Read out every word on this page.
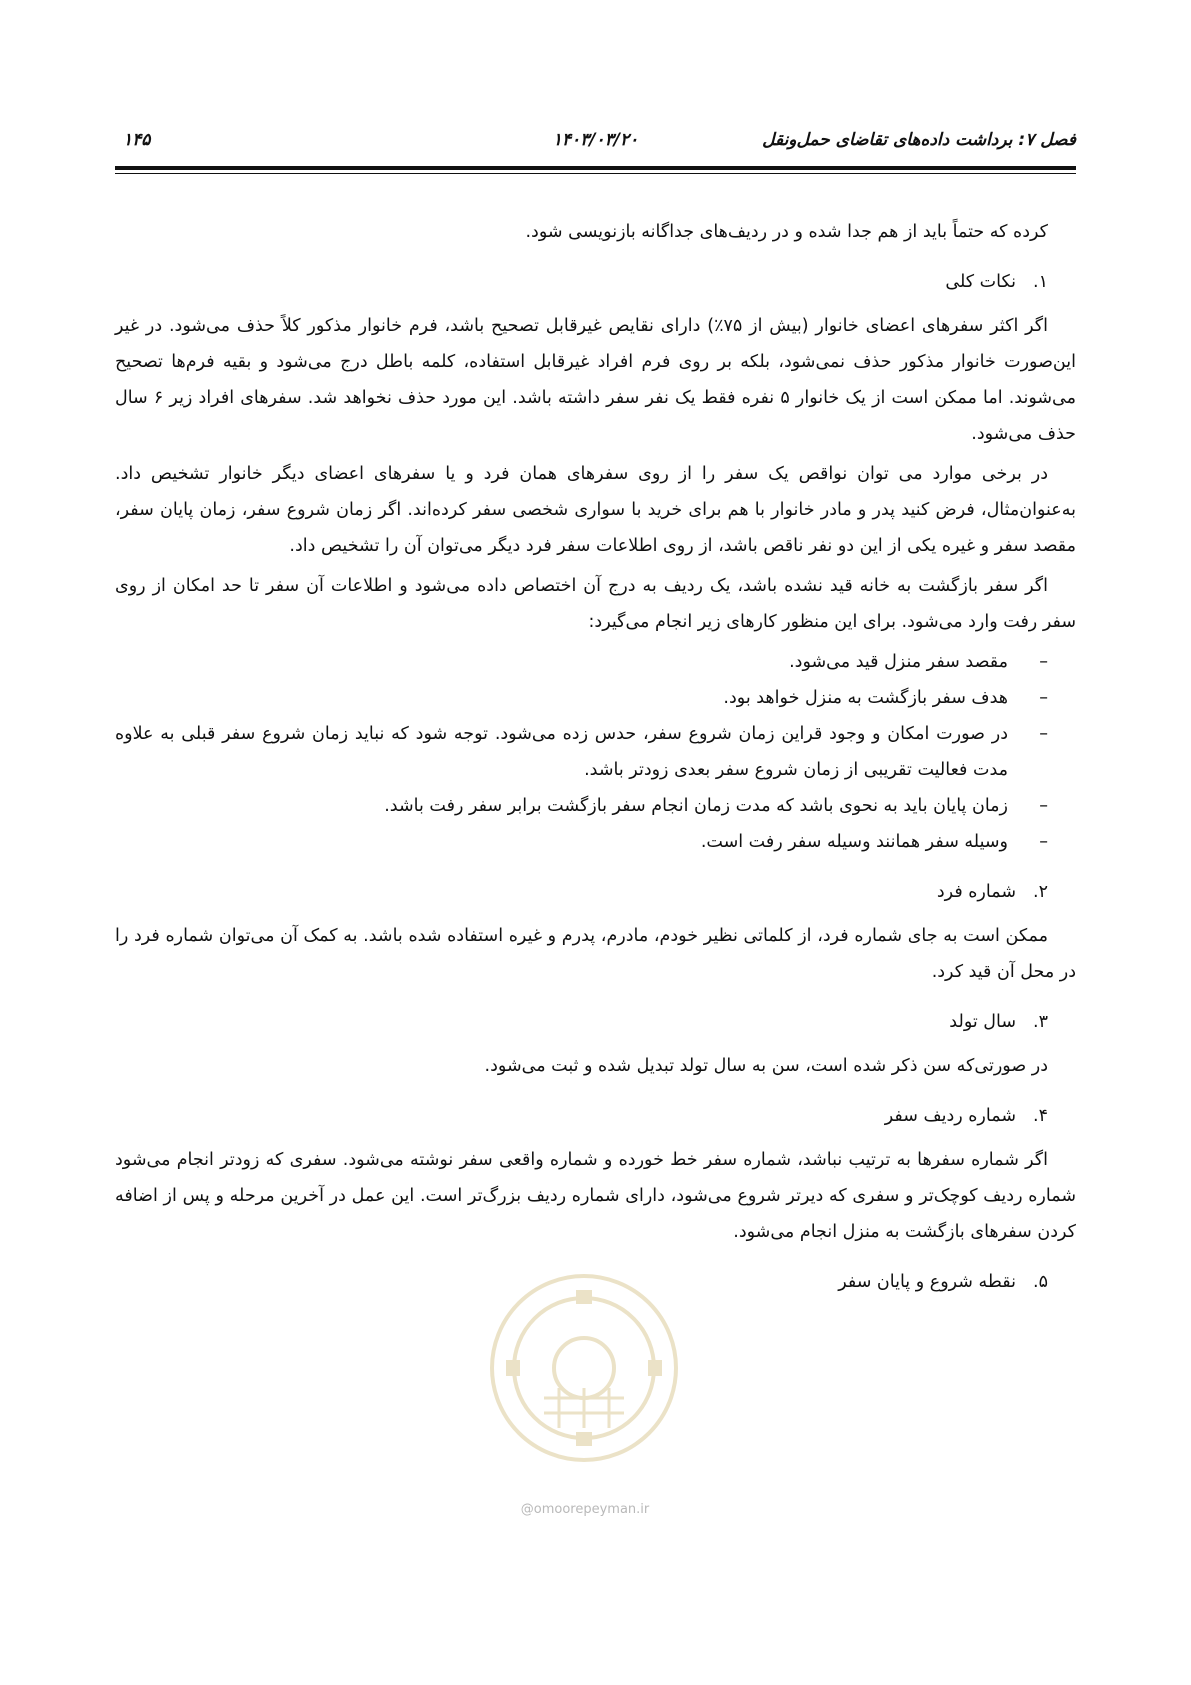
فصل ۷: برداشت داده‌های تقاضای حمل‌ونقل
۱۴۰۳/۰۳/۲۰
۱۴۵

کرده که حتماً باید از هم جدا شده و در ردیف‌های جداگانه بازنویسی شود.

۱.
نکات کلی

اگر اکثر سفرهای اعضای خانوار (بیش از ۷۵٪) دارای نقایص غیرقابل تصحیح باشد، فرم خانوار مذکور کلاً حذف می‌شود. در غیر این‌صورت خانوار مذکور حذف نمی‌شود، بلکه بر روی فرم افراد غیرقابل استفاده، کلمه باطل درج می‌شود و بقیه فرم‌ها تصحیح می‌شوند. اما ممکن است از یک خانوار ۵ نفره فقط یک نفر سفر داشته باشد. این مورد حذف نخواهد شد. سفرهای افراد زیر ۶ سال حذف می‌شود.

در برخی موارد می توان نواقص یک سفر را از روی سفرهای همان فرد و یا سفرهای اعضای دیگر خانوار تشخیص داد. به‌عنوان‌مثال، فرض کنید پدر و مادر خانوار با هم برای خرید با سواری شخصی سفر کرده‌اند. اگر زمان شروع سفر، زمان پایان سفر، مقصد سفر و غیره یکی از این دو نفر ناقص باشد، از روی اطلاعات سفر فرد دیگر می‌توان آن را تشخیص داد.

اگر سفر بازگشت به خانه قید نشده باشد، یک ردیف به درج آن اختصاص داده می‌شود و اطلاعات آن سفر تا حد امکان از روی سفر رفت وارد می‌شود. برای این منظور کارهای زیر انجام می‌گیرد:

–
مقصد سفر منزل قید می‌شود.
–
هدف سفر بازگشت به منزل خواهد بود.
–
در صورت امکان و وجود قراین زمان شروع سفر، حدس زده می‌شود. توجه شود که نباید زمان شروع سفر قبلی به علاوه مدت فعالیت تقریبی از زمان شروع سفر بعدی زودتر باشد.
–
زمان پایان باید به نحوی باشد که مدت زمان انجام سفر بازگشت برابر سفر رفت باشد.
–
وسیله سفر همانند وسیله سفر رفت است.
۲.
شماره فرد

ممکن است به جای شماره فرد، از کلماتی نظیر خودم، مادرم، پدرم و غیره استفاده شده باشد. به کمک آن می‌توان شماره فرد را در محل آن قید کرد.

۳.
سال تولد

در صورتی‌که سن ذکر شده است، سن به سال تولد تبدیل شده و ثبت می‌شود.

۴.
شماره ردیف سفر

اگر شماره سفرها به ترتیب نباشد، شماره سفر خط خورده و شماره واقعی سفر نوشته می‌شود. سفری که زودتر انجام می‌شود شماره ردیف کوچک‌تر و سفری که دیرتر شروع می‌شود، دارای شماره ردیف بزرگ‌تر است. این عمل در آخرین مرحله و پس از اضافه کردن سفرهای بازگشت به منزل انجام می‌شود.

۵.
نقطه شروع و پایان سفر
@omoorepeyman.ir
